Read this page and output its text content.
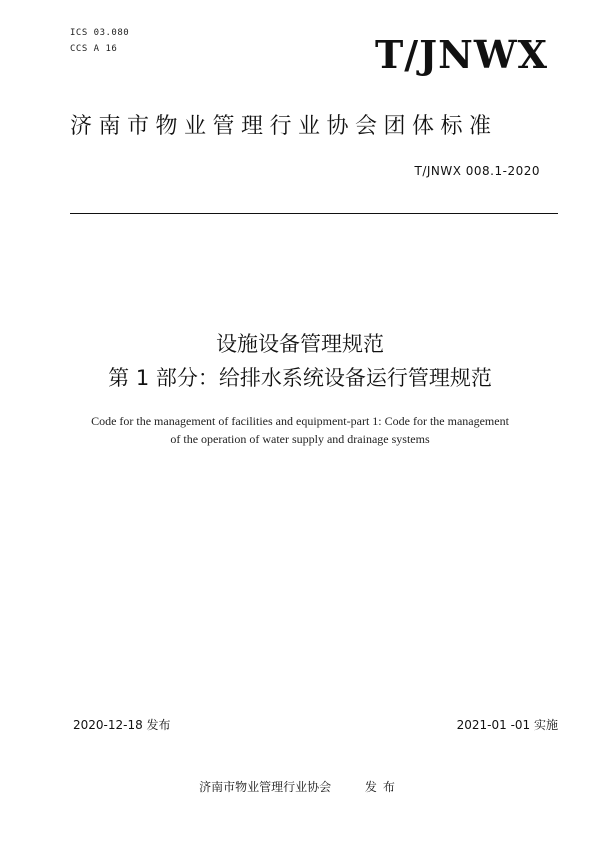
ICS 03.080
CCS A 16	T/JNWX
济南市物业管理行业协会团体标准
T/JNWX 008.1-2020
设施设备管理规范
第 1 部分：给排水系统设备运行管理规范
Code for the management of facilities and equipment-part 1: Code for the management of the operation of water supply and drainage systems
2020-12-18 发布	2021-01 -01 实施
济南市物业管理行业协会	发布
